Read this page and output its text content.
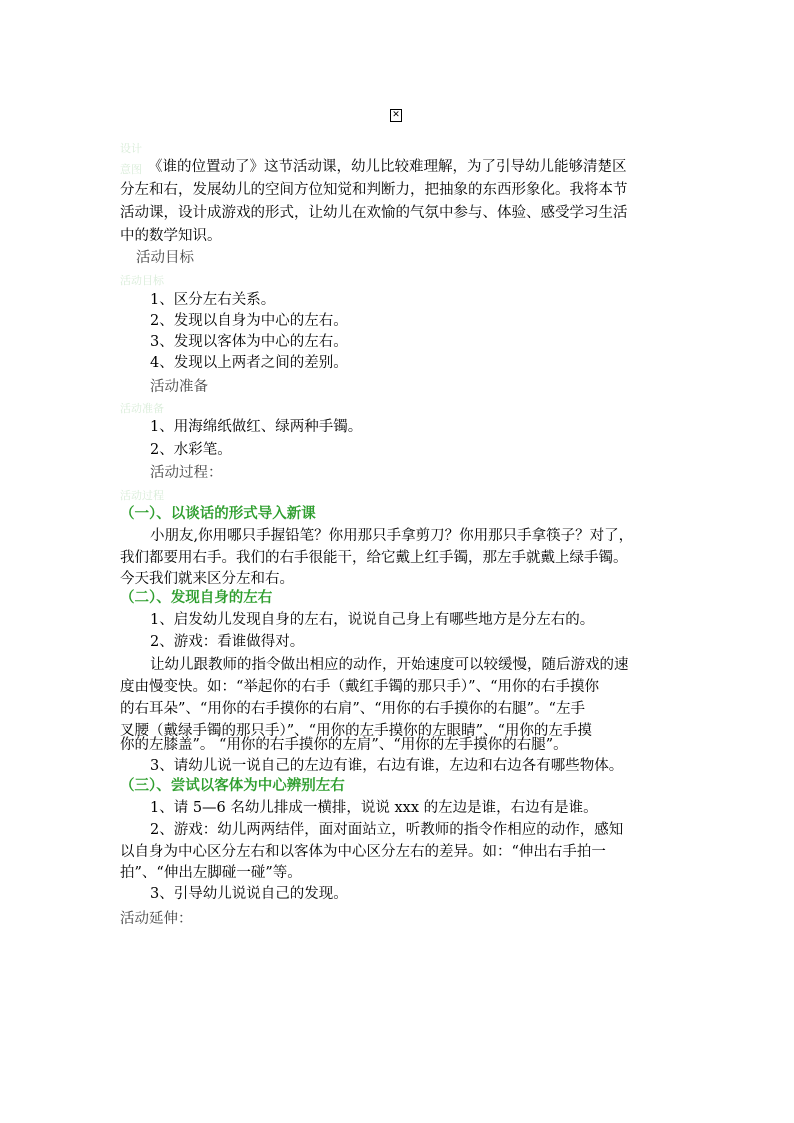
✕
设计
意图 《谁的位置动了》这节活动课，幼儿比较难理解，为了引导幼儿能够清楚区
分左和右，发展幼儿的空间方位知觉和判断力，把抽象的东西形象化。我将本节
活动课，设计成游戏的形式，让幼儿在欢愉的气氛中参与、体验、感受学习生活
中的数学知识。
活动目标
活动目标
1、区分左右关系。
2、发现以自身为中心的左右。
3、发现以客体为中心的左右。
4、发现以上两者之间的差别。
活动准备
活动准备
1、用海绵纸做红、绿两种手镯。
2、水彩笔。
活动过程：
活动过程
（一）、以谈话的形式导入新课
小朋友,你用哪只手握铅笔？你用那只手拿剪刀？你用那只手拿筷子？对了，
我们都要用右手。我们的右手很能干，给它戴上红手镯，那左手就戴上绿手镯。
今天我们就来区分左和右。
（二）、发现自身的左右
1、启发幼儿发现自身的左右，说说自己身上有哪些地方是分左右的。
2、游戏：看谁做得对。
让幼儿跟教师的指令做出相应的动作，开始速度可以较缓慢，随后游戏的速
度由慢变快。如：“举起你的右手（戴红手镯的那只手）”、“用你的右手摸你
的右耳朵”、“用你的右手摸你的右肩”、“用你的右手摸你的右腿”。“左手
叉腰（戴绿手镯的那只手）”、“用你的左手摸你的左眼睛”、“用你的左手摸
你的左膝盖”。 “用你的右手摸你的左肩”、“用你的左手摸你的右腿”。
3、请幼儿说一说自己的左边有谁，右边有谁，左边和右边各有哪些物体。
（三）、尝试以客体为中心辨别左右
1、请 5—6 名幼儿排成一横排，说说 xxx 的左边是谁，右边有是谁。
2、游戏：幼儿两两结伴，面对面站立，听教师的指令作相应的动作，感知
以自身为中心区分左右和以客体为中心区分左右的差异。如：“伸出右手拍一
拍”、“伸出左脚碰一碰”等。
3、引导幼儿说说自己的发现。
活动延伸：
